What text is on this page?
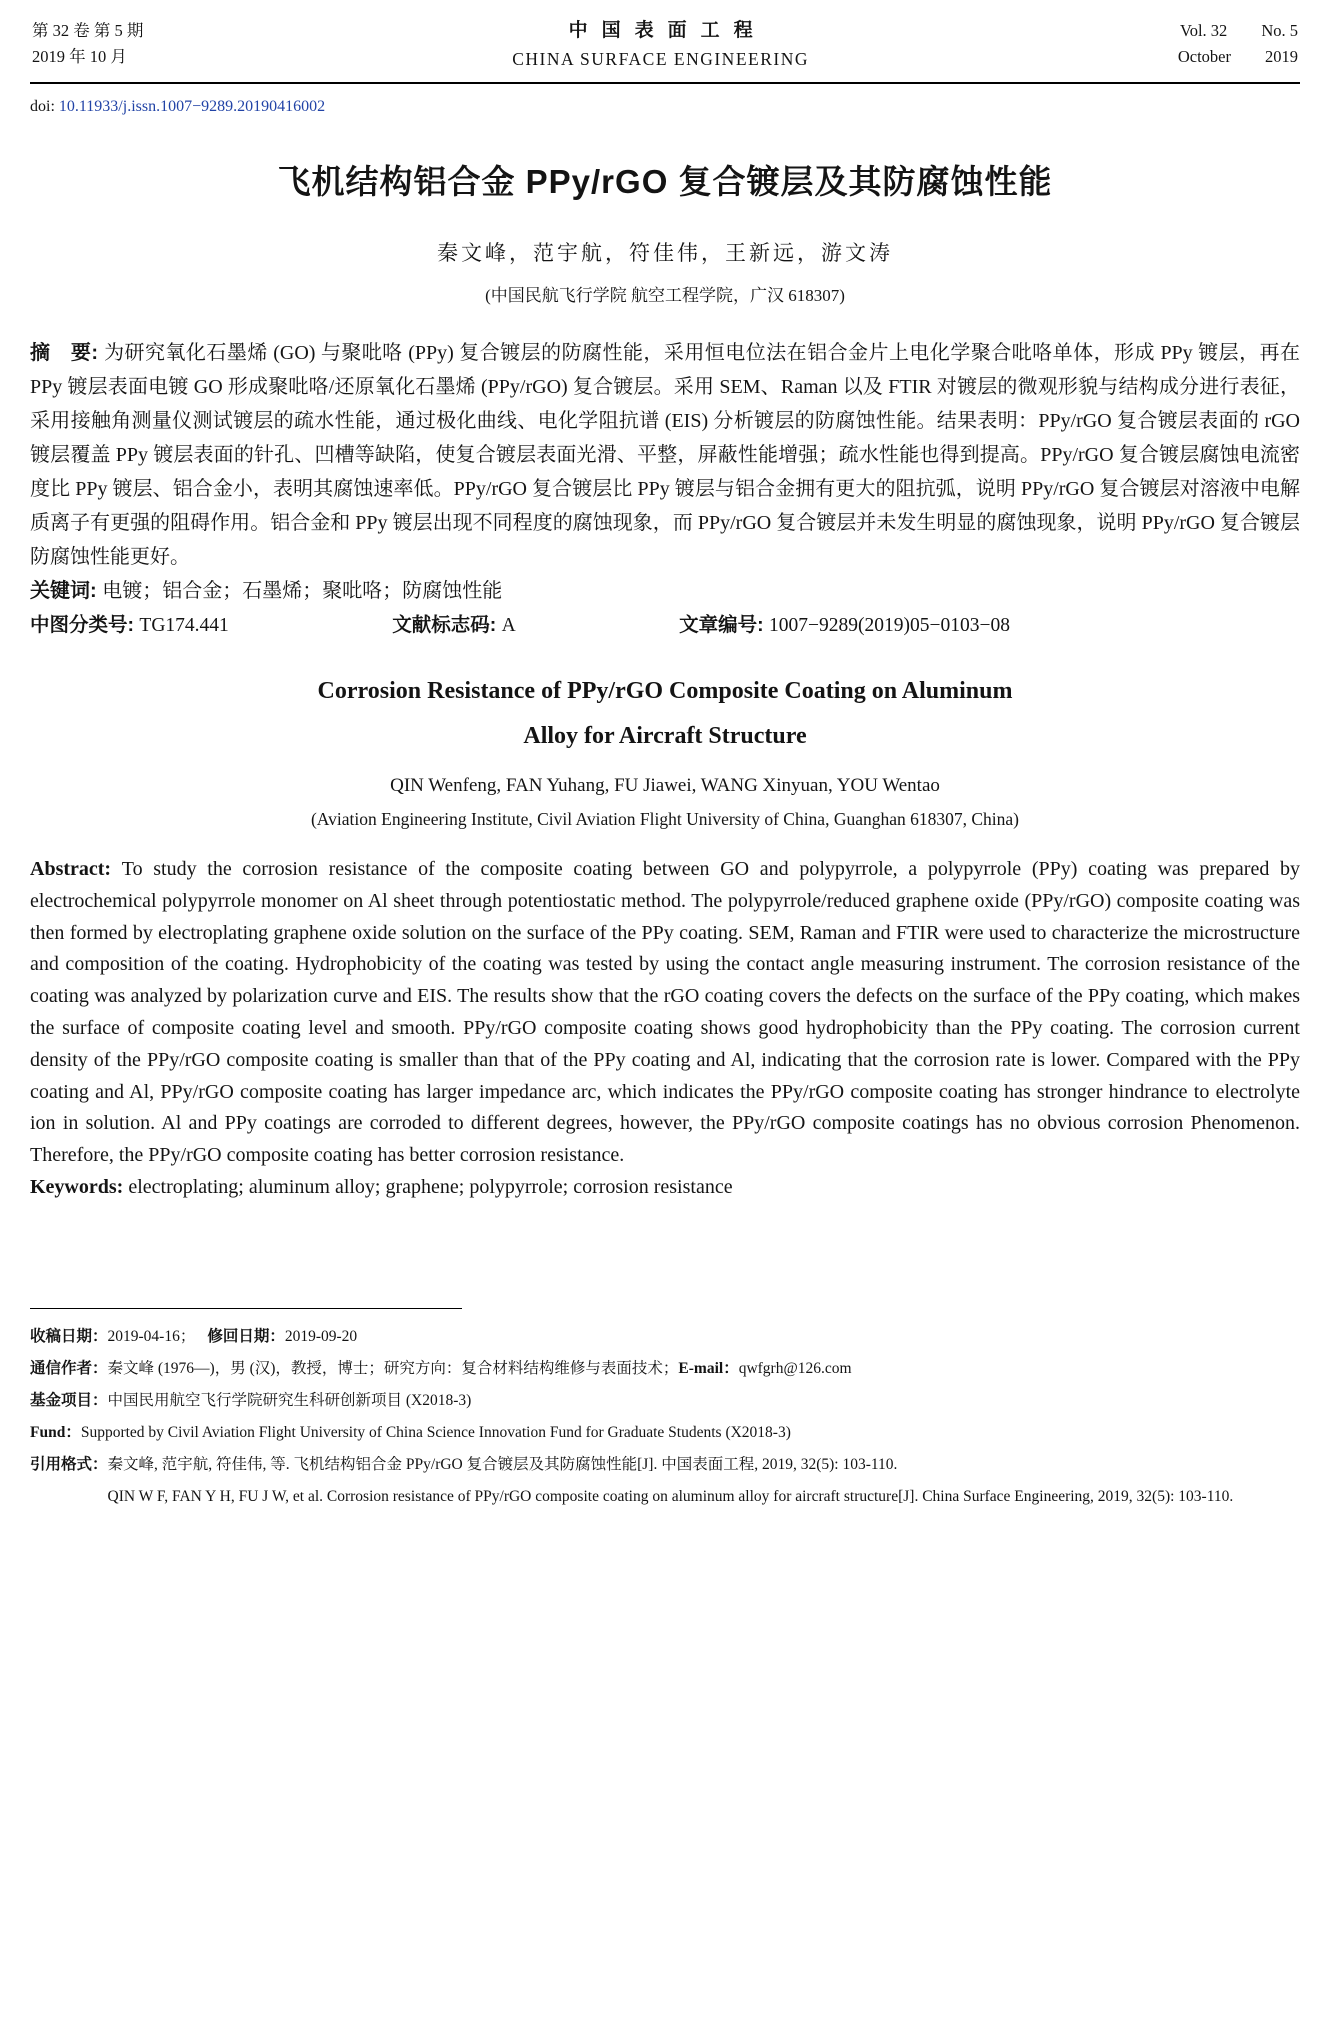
第 32 卷 第 5 期
2019 年 10 月
中国表面工程
CHINA SURFACE ENGINEERING
Vol. 32 No. 5
October 2019
doi: 10.11933/j.issn.1007−9289.20190416002
飞机结构铝合金 PPy/rGO 复合镀层及其防腐蚀性能
秦文峰，范宇航，符佳伟，王新远，游文涛
(中国民航飞行学院 航空工程学院，广汉 618307)

摘　要: 为研究氧化石墨烯 (GO) 与聚吡咯 (PPy) 复合镀层的防腐性能，采用恒电位法在铝合金片上电化学聚合吡咯单体，形成 PPy 镀层，再在 PPy 镀层表面电镀 GO 形成聚吡咯/还原氧化石墨烯 (PPy/rGO) 复合镀层。采用 SEM、Raman 以及 FTIR 对镀层的微观形貌与结构成分进行表征，采用接触角测量仪测试镀层的疏水性能，通过极化曲线、电化学阻抗谱 (EIS) 分析镀层的防腐蚀性能。结果表明：PPy/rGO 复合镀层表面的 rGO 镀层覆盖 PPy 镀层表面的针孔、凹槽等缺陷，使复合镀层表面光滑、平整，屏蔽性能增强；疏水性能也得到提高。PPy/rGO 复合镀层腐蚀电流密度比 PPy 镀层、铝合金小，表明其腐蚀速率低。PPy/rGO 复合镀层比 PPy 镀层与铝合金拥有更大的阻抗弧，说明 PPy/rGO 复合镀层对溶液中电解质离子有更强的阻碍作用。铝合金和 PPy 镀层出现不同程度的腐蚀现象，而 PPy/rGO 复合镀层并未发生明显的腐蚀现象，说明 PPy/rGO 复合镀层防腐蚀性能更好。

关键词: 电镀；铝合金；石墨烯；聚吡咯；防腐蚀性能

中图分类号: TG174.441	文献标志码: A	文章编号: 1007−9289(2019)05−0103−08
Corrosion Resistance of PPy/rGO Composite Coating on Aluminum
Alloy for Aircraft Structure
QIN Wenfeng, FAN Yuhang, FU Jiawei, WANG Xinyuan, YOU Wentao
(Aviation Engineering Institute, Civil Aviation Flight University of China, Guanghan 618307, China)

Abstract: To study the corrosion resistance of the composite coating between GO and polypyrrole, a polypyrrole (PPy) coating was prepared by electrochemical polypyrrole monomer on Al sheet through potentiostatic method. The polypyrrole/reduced graphene oxide (PPy/rGO) composite coating was then formed by electroplating graphene oxide solution on the surface of the PPy coating. SEM, Raman and FTIR were used to characterize the microstructure and composition of the coating. Hydrophobicity of the coating was tested by using the contact angle measuring instrument. The corrosion resistance of the coating was analyzed by polarization curve and EIS. The results show that the rGO coating covers the defects on the surface of the PPy coating, which makes the surface of composite coating level and smooth. PPy/rGO composite coating shows good hydrophobicity than the PPy coating. The corrosion current density of the PPy/rGO composite coating is smaller than that of the PPy coating and Al, indicating that the corrosion rate is lower. Compared with the PPy coating and Al, PPy/rGO composite coating has larger impedance arc, which indicates the PPy/rGO composite coating has stronger hindrance to electrolyte ion in solution. Al and PPy coatings are corroded to different degrees, however, the PPy/rGO composite coatings has no obvious corrosion Phenomenon. Therefore, the PPy/rGO composite coating has better corrosion resistance.

Keywords: electroplating; aluminum alloy; graphene; polypyrrole; corrosion resistance

收稿日期：2019-04-16； 修回日期：2019-09-20
通信作者：秦文峰 (1976—)，男 (汉)，教授，博士；研究方向：复合材料结构维修与表面技术；E-mail：qwfgrh@126.com
基金项目：中国民用航空飞行学院研究生科研创新项目 (X2018-3)
Fund：Supported by Civil Aviation Flight University of China Science Innovation Fund for Graduate Students (X2018-3)
引用格式： 秦文峰, 范宇航, 符佳伟, 等. 飞机结构铝合金 PPy/rGO 复合镀层及其防腐蚀性能[J]. 中国表面工程, 2019, 32(5): 103-110.
QIN W F, FAN Y H, FU J W, et al. Corrosion resistance of PPy/rGO composite coating on aluminum alloy for aircraft structure[J]. China Surface Engineering, 2019, 32(5): 103-110.
